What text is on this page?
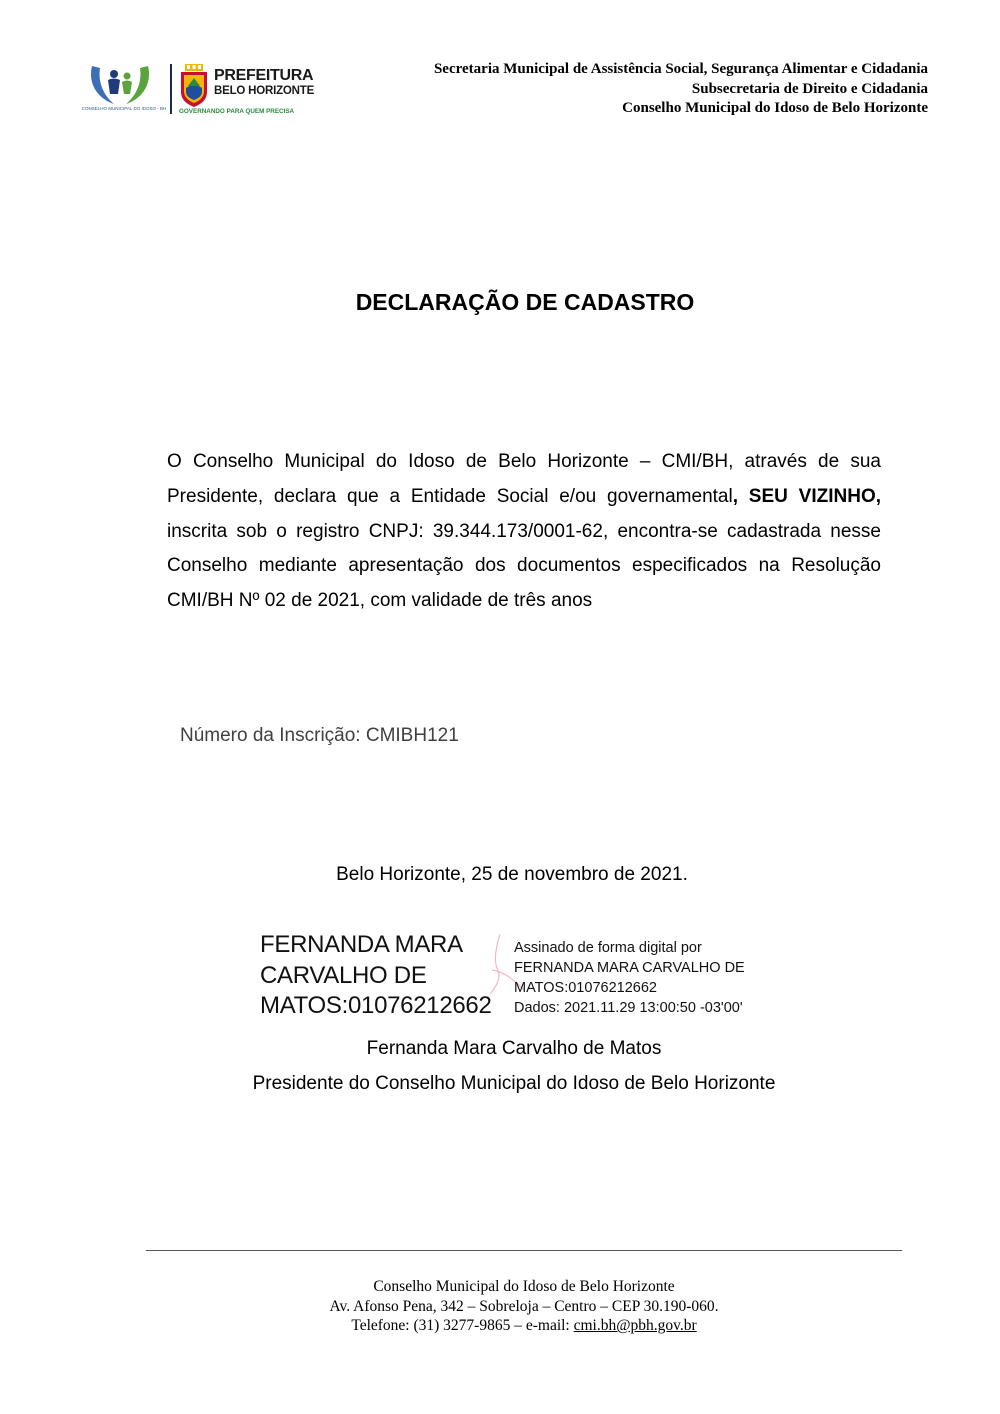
CONSELHO MUNICIPAL DO IDOSO - BH
PREFEITURA
BELO HORIZONTE
GOVERNANDO PARA QUEM PRECISA
Secretaria Municipal de Assistência Social, Segurança Alimentar e Cidadania
Subsecretaria de Direito e Cidadania
Conselho Municipal do Idoso de Belo Horizonte
DECLARAÇÃO DE CADASTRO
O Conselho Municipal do Idoso de Belo Horizonte – CMI/BH, através de sua Presidente, declara que a Entidade Social e/ou governamental, SEU VIZINHO, inscrita sob o registro CNPJ: 39.344.173/0001-62, encontra-se cadastrada nesse Conselho mediante apresentação dos documentos especificados na Resolução CMI/BH Nº 02 de 2021, com validade de três anos
Número da Inscrição: CMIBH121
Belo Horizonte, 25 de novembro de 2021.
FERNANDA MARA
CARVALHO DE
MATOS:01076212662
Assinado de forma digital por
FERNANDA MARA CARVALHO DE
MATOS:01076212662
Dados: 2021.11.29 13:00:50 -03'00'
Fernanda Mara Carvalho de Matos
Presidente do Conselho Municipal do Idoso de Belo Horizonte
Conselho Municipal do Idoso de Belo Horizonte
Av. Afonso Pena, 342 – Sobreloja – Centro – CEP 30.190-060.
Telefone: (31) 3277-9865 – e-mail: cmi.bh@pbh.gov.br
